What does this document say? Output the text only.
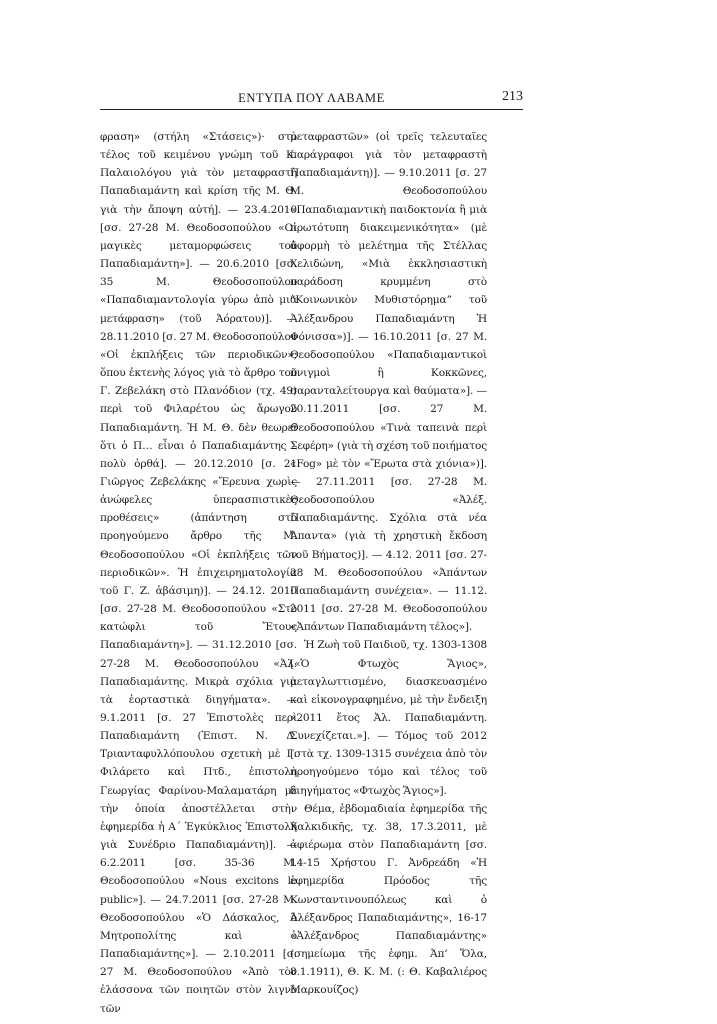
ΕΝΤΥΠΑ ΠΟΥ ΛΑΒΑΜΕ	213

φραση» (στήλη «Στάσεις»)· στὸ τέλος τοῦ κειμένου γνώμη τοῦ Κ. Παλαιολόγου γιὰ τὸν μεταφραστὴ Παπαδιαμάντη καὶ κρίση τῆς Μ. Θ. γιὰ τὴν ἄποψη αὐτή]. — 23.4.2010 [σσ. 27-28 Μ. Θεοδοσοπούλου «Οἱ μαγικὲς μεταμορφώσεις τοῦ Παπαδιαμάντη»]. — 20.6.2010 [σσ. 35 Μ. Θεοδοσοπούλου «Παπαδιαμαντολογία γύρω ἀπὸ μιὰ μετάφραση» (τοῦ Ἀόρατου)]. — 28.11.2010 [σ. 27 Μ. Θεοδοσοπούλου «Οἱ ἐκπλήξεις τῶν περιοδικῶν», ὅπου ἐκτενὴς λόγος γιὰ τὸ ἄρθρο τοῦ Γ. Ζεβελάκη στὸ Πλανόδιον (τχ. 49) περὶ τοῦ Φιλαρέτου ὡς ἄρωγοῦ Παπαδιαμάντη. Ἡ Μ. Θ. δὲν θεωρεῖ ὅτι ὁ Π… εἶναι ὁ Παπαδιαμάντης – πολὺ ὀρθά]. — 20.12.2010 [σ. 21 Γιῶργος Ζεβελάκης «Ἔρευνα χωρὶς ἀνώφελες ὑπερασπιστικὲς προθέσεις» (ἀπάντηση στὸ προηγούμενο ἄρθρο τῆς Μ. Θεοδοσοπούλου «Οἱ ἐκπλήξεις τῶν περιοδικῶν». Ἡ ἐπιχειρηματολογία τοῦ Γ. Ζ. ἀβάσιμη)]. — 24.12. 2010 [σσ. 27-28 Μ. Θεοδοσοπούλου «Στὸ κατώφλι τοῦ Ἔτους Παπαδιαμάντη»]. — 31.12.2010 [σσ. 27-28 Μ. Θεοδοσοπούλου «Ἀλ. Παπαδιαμάντης. Μικρὰ σχόλια γιὰ τὰ ἑορταστικὰ διηγήματα». — 9.1.2011 [σ. 27 Ἐπιστολὲς περὶ Παπαδιαμάντη (Ἐπιστ. Ν. Δ. Τριανταφυλλόπουλου σχετικὴ μὲ Γ. Φιλάρετο καὶ Πτδ., ἐπιστολὴ Γεωργίας Φαρίνου-Μαλαματάρη μὲ τὴν ὁποία ἀποστέλλεται στὴν ἐφημερίδα ἡ Α΄ Ἐγκύκλιος Ἐπιστολὴ γιὰ Συνέδριο Παπαδιαμάντη)]. — 6.2.2011 [σσ. 35-36 Μ. Θεοδοσοπούλου «Nous excitons le public»]. — 24.7.2011 [σσ. 27-28 Μ. Θεοδοσοπούλου «Ὁ Δάσκαλος, ὁ Μητροπολίτης καὶ ὁ Παπαδιαμάντης»]. — 2.10.2011 [σ. 27 Μ. Θεοδοσοπούλου «Ἀπὸ τὸν ἐλάσσονα τῶν ποιητῶν στὸν λιγνὸ τῶν

μεταφραστῶν» (οἱ τρεῖς τελευταῖες παράγραφοι γιὰ τὸν μεταφραστὴ Παπαδιαμάντη)]. — 9.10.2011 [σ. 27 Μ. Θεοδοσοπούλου «Παπαδιαμαντικὴ παιδοκτονία ἢ μιὰ πρωτότυπη διακειμενικότητα» (μὲ ἀφορμὴ τὸ μελέτημα τῆς Στέλλας Χελιδώνη, «Μιὰ ἐκκλησιαστικὴ παράδοση κρυμμένη στὸ “Κοινωνικὸν Μυθιστόρημα” τοῦ Ἀλέξανδρου Παπαδιαμάντη Ἡ Φόνισσα»)]. — 16.10.2011 [σ. 27 Μ. Θεοδοσοπούλου «Παπαδιαμαντικοὶ πνιγμοὶ ἢ Κοκκῶνες, σαρανταλείτουργα καὶ θαύματα»]. — 20.11.2011 [σσ. 27 Μ. Θεοδοσοπούλου «Τινὰ ταπεινὰ περὶ Σεφέρη» (γιὰ τὴ σχέση τοῦ ποιήματος «Fog» μὲ τὸν «Ἔρωτα στὰ χιόνια»)]. — 27.11.2011 [σσ. 27-28 Μ. Θεοδοσοπούλου «Ἀλέξ. Παπαδιαμάντης. Σχόλια στὰ νέα Ἄπαντα» (γιὰ τὴ χρηστικὴ ἔκδοση τοῦ Βήματος)]. — 4.12. 2011 [σσ. 27-28 Μ. Θεοδοσοπούλου «Ἀπάντων Παπαδιαμάντη συνέχεια». — 11.12. 2011 [σσ. 27-28 Μ. Θεοδοσοπούλου «Ἀπάντων Παπαδιαμάντη τέλος»].

Ἡ Ζωὴ τοῦ Παιδιοῦ, τχ. 1303-1308 [«Ὁ Φτωχὸς Ἅγιος», μεταγλωττισμένο, διασκευασμένο καὶ εἰκονογραφημένο, μὲ τὴν ἔνδειξη «2011 ἔτος Ἀλ. Παπαδιαμάντη. Συνεχίζεται.»]. — Τόμος τοῦ 2012 [στὰ τχ. 1309-1315 συνέχεια ἀπὸ τὸν προηγούμενο τόμο καὶ τέλος τοῦ διηγήματος «Φτωχὸς Ἅγιος»].

Θέμα, ἑβδομαδιαία ἐφημερίδα τῆς Χαλκιδικῆς, τχ. 38, 17.3.2011, μὲ ἀφιέρωμα στὸν Παπαδιαμάντη [σσ. 14-15 Χρήστου Γ. Ἀνδρεάδη «Ἡ ἐφημερίδα Πρόοδος τῆς Κωνσταντινουπόλεως καὶ ὁ Ἀλέξανδρος Παπαδιαμάντης», 16-17 «Ἀλέξανδρος Παπαδιαμάντης» (σημείωμα τῆς ἐφημ. Ἀπ’ Ὅλα, 8.1.1911), Θ. Κ. Μ. (: Θ. Καβαλιέρος Μαρκουίζος)
